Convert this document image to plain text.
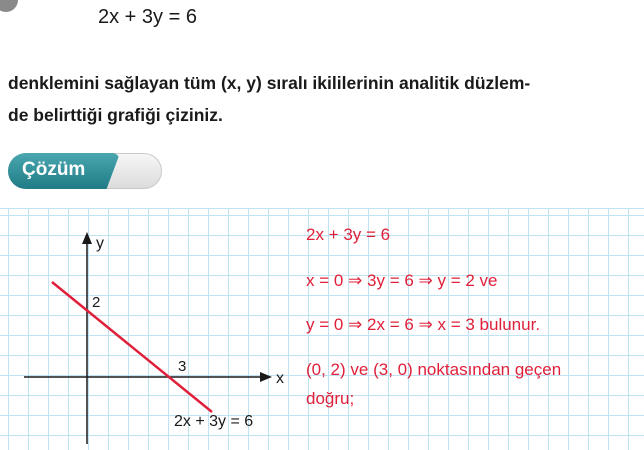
2x + 3y = 6
denklemini sağlayan tüm (x, y) sıralı ikililerinin analitik düzlem-
de belirttiği grafiği çiziniz.
Çözüm
y
x
2
3
2x + 3y = 6
2x + 3y = 6
x = 0 ⇒ 3y = 6 ⇒ y = 2 ve
y = 0 ⇒ 2x = 6 ⇒ x = 3 bulunur.
(0, 2) ve (3, 0) noktasından geçen
doğru;
